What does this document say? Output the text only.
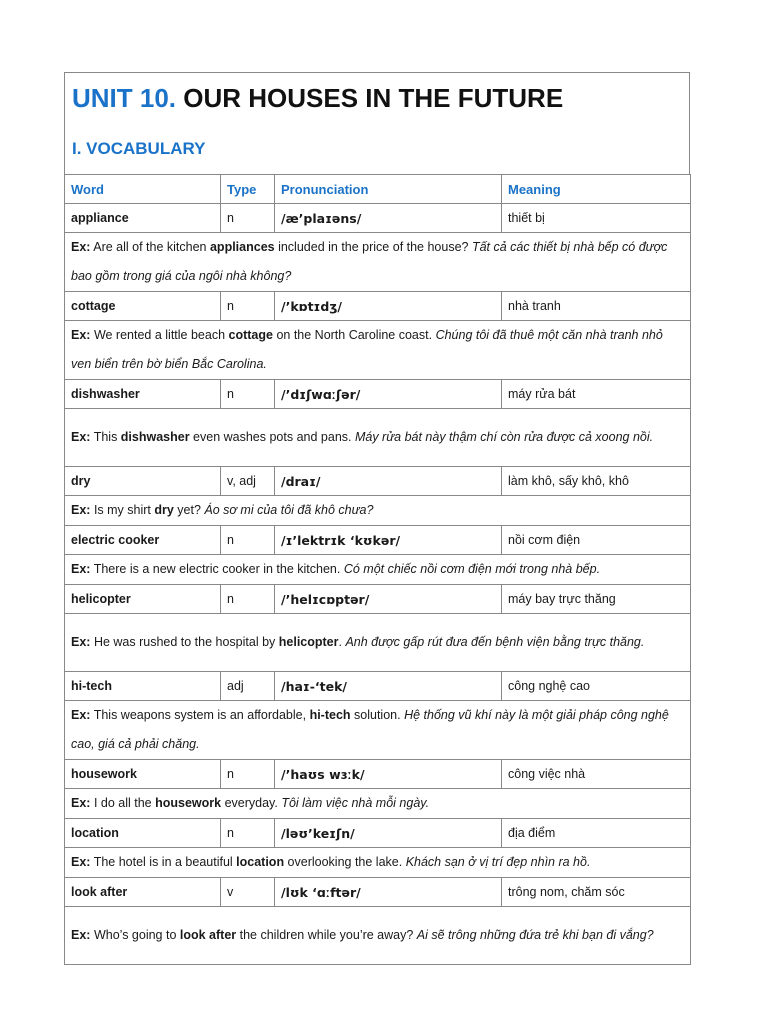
UNIT 10. OUR HOUSES IN THE FUTURE
I. VOCABULARY
Word	Type	Pronunciation	Meaning
appliance	n	/æ’plaɪəns/	thiết bị
Ex: Are all of the kitchen appliances included in the price of the house? Tất cả các thiết bị nhà bếp có được bao gồm trong giá của ngôi nhà không?			
cottage	n	/’kɒtɪdʒ/	nhà tranh
Ex: We rented a little beach cottage on the North Caroline coast. Chúng tôi đã thuê một căn nhà tranh nhỏ ven biển trên bờ biển Bắc Carolina.			
dishwasher	n	/’dɪʃwɑːʃər/	máy rửa bát
Ex: This dishwasher even washes pots and pans. Máy rửa bát này thậm chí còn rửa được cả xoong nồi.			
dry	v, adj	/draɪ/	làm khô, sấy khô, khô
Ex: Is my shirt dry yet? Áo sơ mi của tôi đã khô chưa?			
electric cooker	n	/ɪ’lektrɪk ‘kʊkər/	nồi cơm điện
Ex: There is a new electric cooker in the kitchen. Có một chiếc nồi cơm điện mới trong nhà bếp.			
helicopter	n	/’helɪcɒptər/	máy bay trực thăng
Ex: He was rushed to the hospital by helicopter. Anh được gấp rút đưa đến bệnh viện bằng trực thăng.			
hi-tech	adj	/haɪ-‘tek/	công nghệ cao
Ex: This weapons system is an affordable, hi-tech solution. Hệ thống vũ khí này là một giải pháp công nghệ cao, giá cả phải chăng.			
housework	n	/’haʊs wɜːk/	công việc nhà
Ex: I do all the housework everyday. Tôi làm việc nhà mỗi ngày.			
location	n	/ləʊ’keɪʃn/	địa điểm
Ex: The hotel is in a beautiful location overlooking the lake. Khách sạn ở vị trí đẹp nhìn ra hồ.			
look after	v	/lʊk ‘ɑːftər/	trông nom, chăm sóc
Ex: Who’s going to look after the children while you’re away? Ai sẽ trông những đứa trẻ khi bạn đi vắng?			
